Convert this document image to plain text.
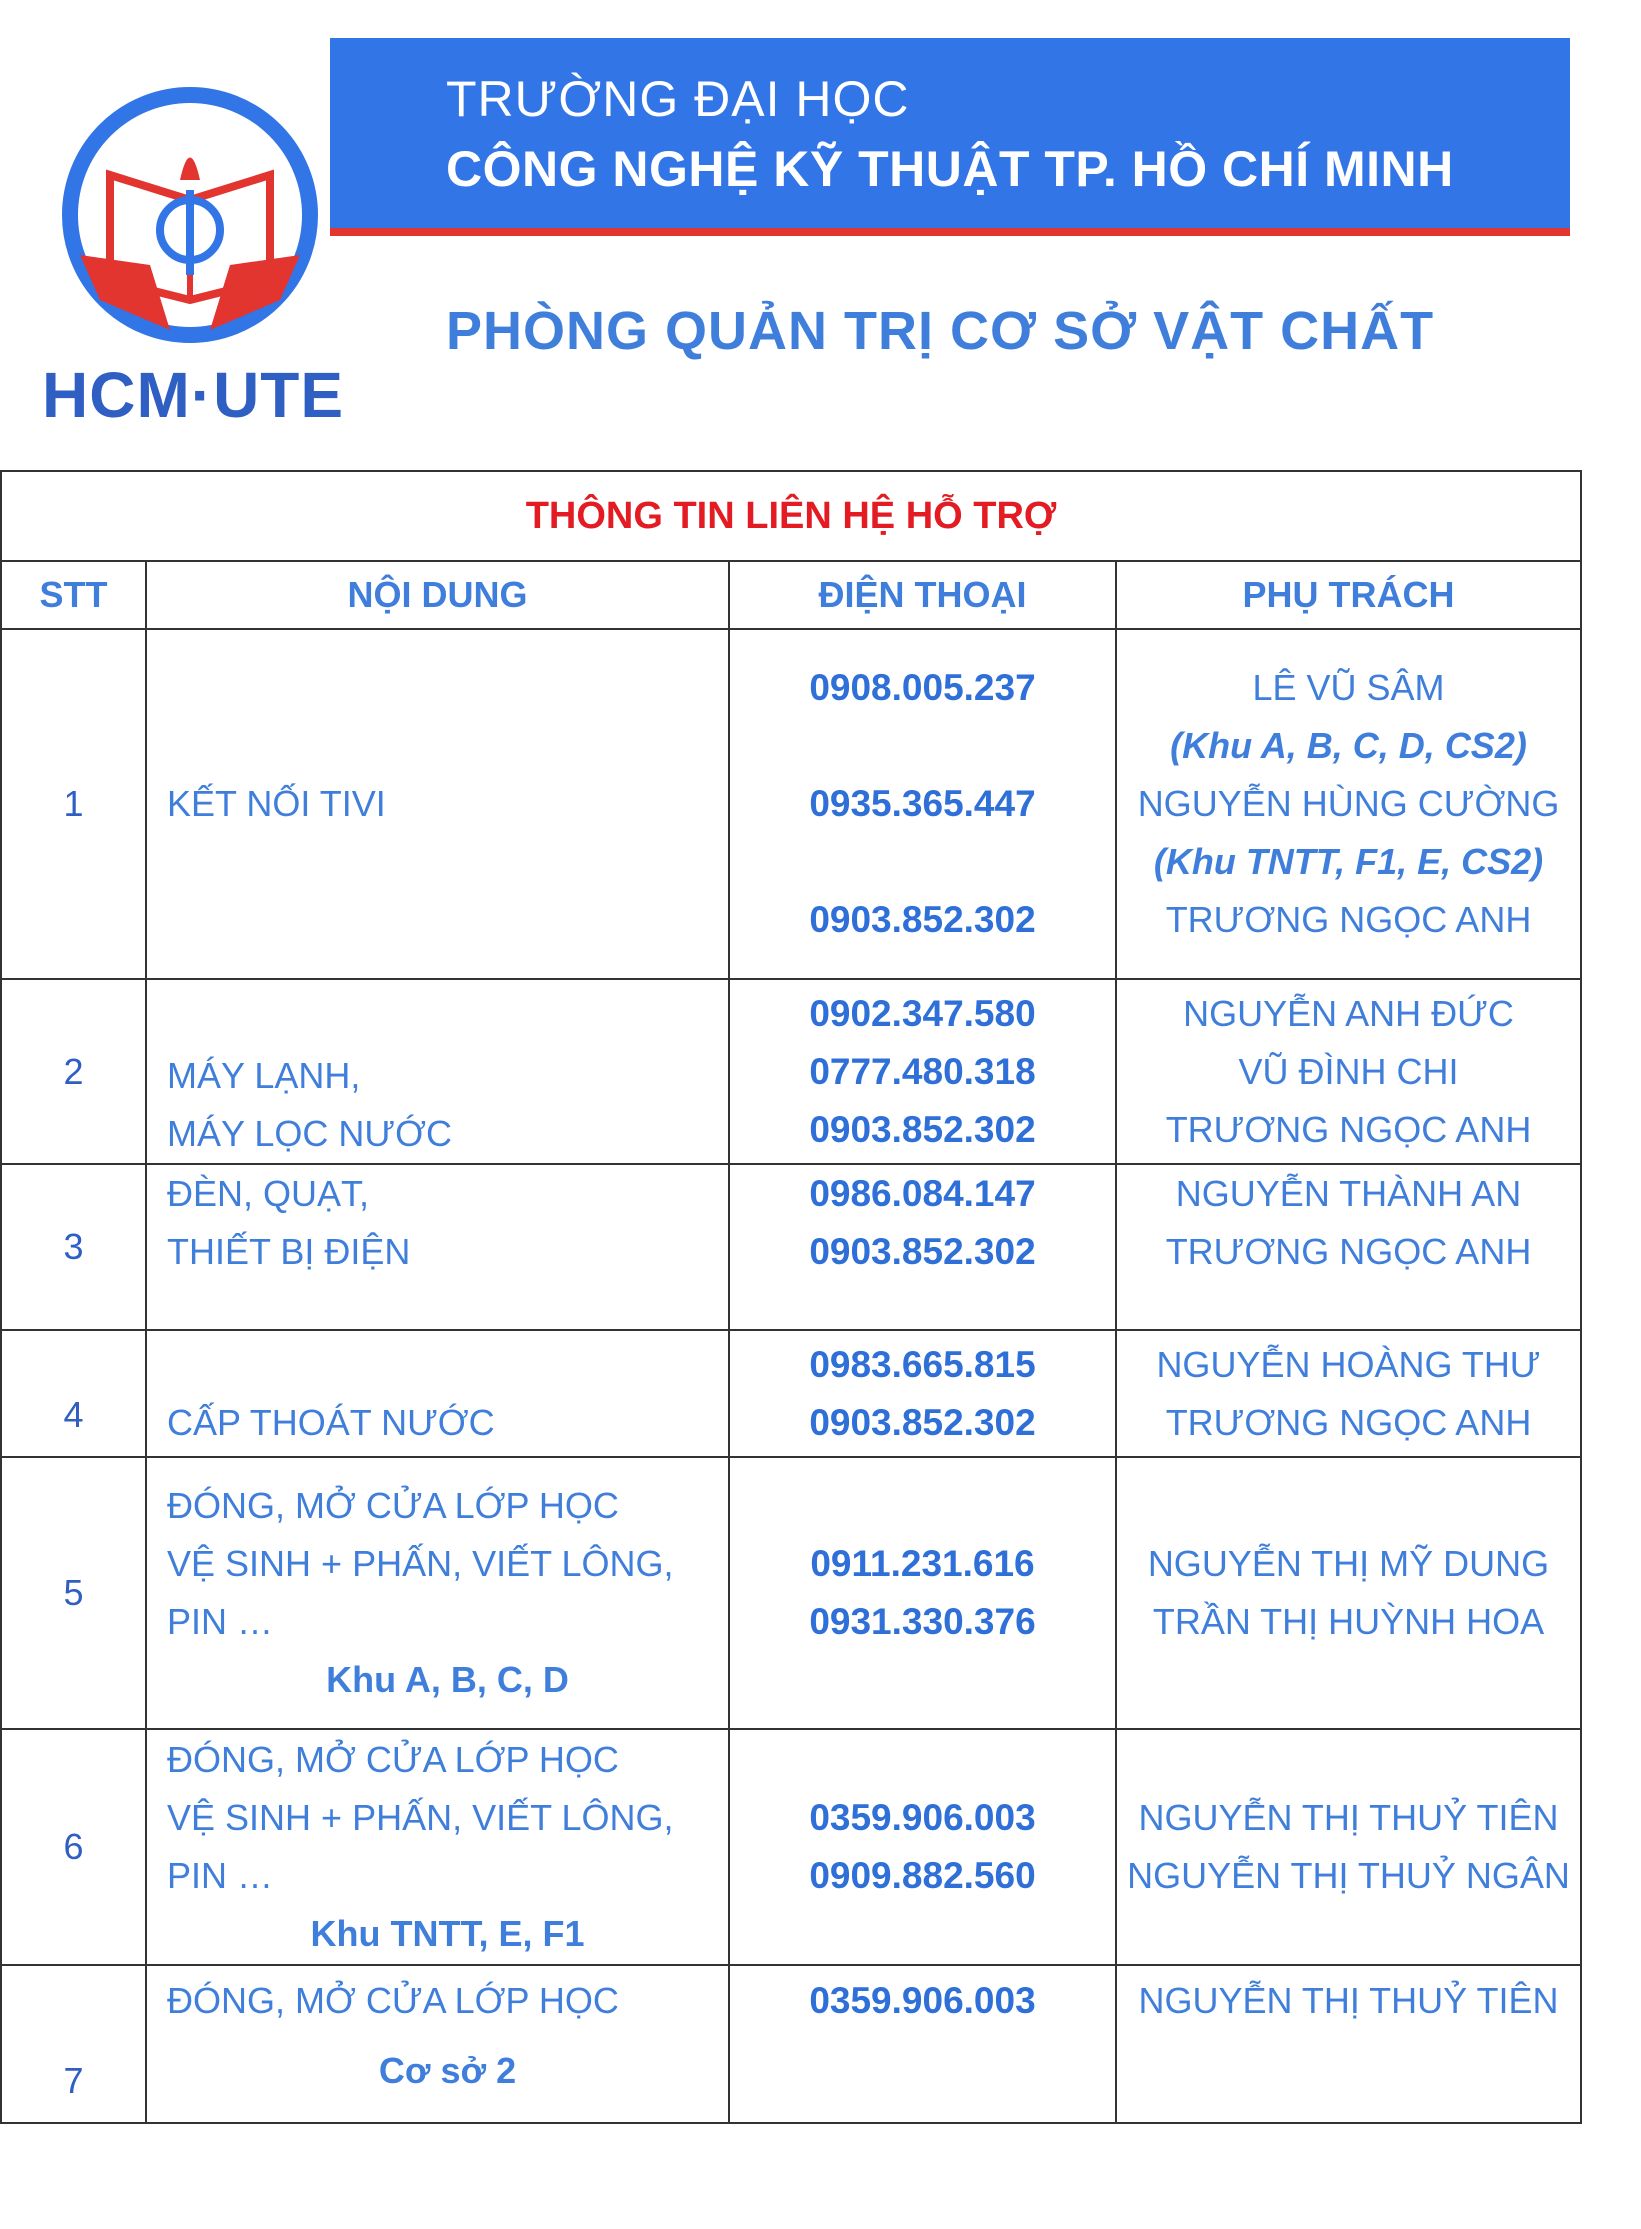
TRƯỜNG ĐẠI HỌC
CÔNG NGHỆ KỸ THUẬT TP. HỒ CHÍ MINH
PHÒNG QUẢN TRỊ CƠ SỞ VẬT CHẤT
HCM·UTE
THÔNG TIN LIÊN HỆ HỖ TRỢ			
STT	NỘI DUNG	ĐIỆN THOẠI	PHỤ TRÁCH
1	KẾT NỐI TIVI	0908.005.237
0935.365.447
0903.852.302	LÊ VŨ SÂM
(Khu A, B, C, D, CS2)
NGUYỄN HÙNG CƯỜNG
(Khu TNTT, F1, E, CS2)
TRƯƠNG NGỌC ANH

2	MÁY LẠNH,
MÁY LỌC NƯỚC	0902.347.580
0777.480.318
0903.852.302	NGUYỄN ANH ĐỨC
VŨ ĐÌNH CHI
TRƯƠNG NGỌC ANH

3	ĐÈN, QUẠT,
THIẾT BỊ ĐIỆN	0986.084.147
0903.852.302	NGUYỄN THÀNH AN
TRƯƠNG NGỌC ANH

4	CẤP THOÁT NƯỚC	0983.665.815
0903.852.302	NGUYỄN HOÀNG THƯ
TRƯƠNG NGỌC ANH

5	ĐÓNG, MỞ CỬA LỚP HỌC
VỆ SINH + PHẤN, VIẾT LÔNG,
PIN …
Khu A, B, C, D	0911.231.616
0931.330.376	NGUYỄN THỊ MỸ DUNG
TRẦN THỊ HUỲNH HOA

6	ĐÓNG, MỞ CỬA LỚP HỌC
VỆ SINH + PHẤN, VIẾT LÔNG,
PIN …
Khu TNTT, E, F1	0359.906.003
0909.882.560	NGUYỄN THỊ THUỶ TIÊN
NGUYỄN THỊ THUỶ NGÂN

7	ĐÓNG, MỞ CỬA LỚP HỌC
Cơ sở 2	0359.906.003	NGUYỄN THỊ THUỶ TIÊN
